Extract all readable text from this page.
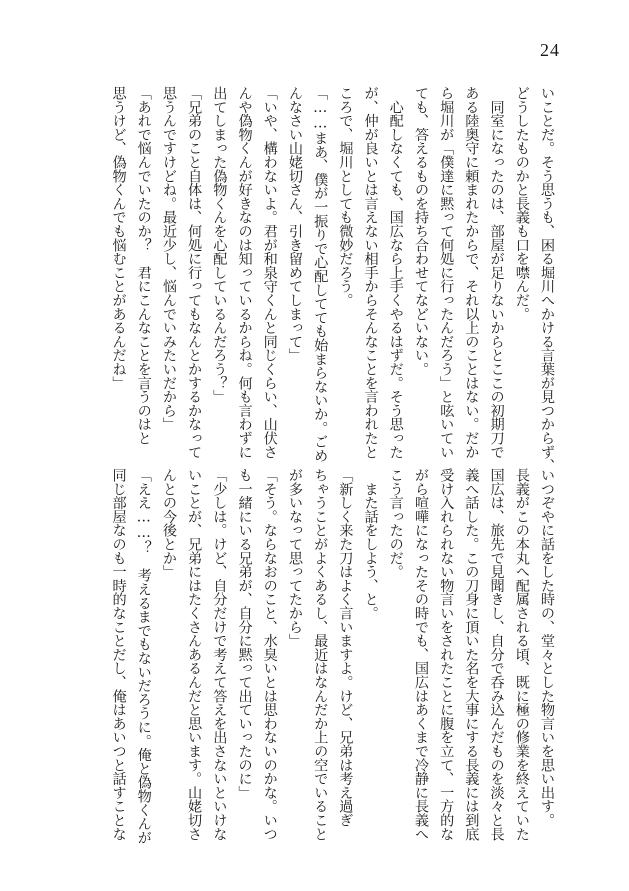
24
いことだ。そう思うも、困る堀川へかける言葉が見つからず、
どうしたものかと長義も口を噤んだ。
　同室になったのは、部屋が足りないからとここの初期刀で
ある陸奥守に頼まれたからで、それ以上のことはない。だか
ら堀川が「僕達に黙って何処に行ったんだろう」と呟いてい
ても、答えるものを持ち合わせてなどいない。
　心配しなくても、国広なら上手くやるはずだ。そう思った
が、仲が良いとは言えない相手からそんなことを言われたと
ころで、堀川としても微妙だろう。
「……まあ、僕が一振りで心配してても始まらないか。ごめ
んなさい山姥切さん、引き留めてしまって」
「いや、構わないよ。君が和泉守くんと同じくらい、山伏さ
んや偽物くんが好きなのは知っているからね。何も言わずに
出てしまった偽物くんを心配しているんだろう？」
「兄弟のこと自体は、何処に行ってもなんとかするかなって
思うんですけどね。最近少し、悩んでいみたいだから」
「あれで悩んでいたのか？　君にこんなことを言うのはと
思うけど、偽物くんでも悩むことがあるんだね」
いつぞやに話をした時の、堂々とした物言いを思い出す。
長義がこの本丸へ配属される頃、既に極の修業を終えていた
国広は、旅先で見聞きし、自分で呑み込んだものを淡々と長
義へ話した。この刀身に頂いた名を大事にする長義には到底
受け入れられない物言いをされたことに腹を立て、一方的な
がら喧嘩になったその時でも、国広はあくまで冷静に長義へ
こう言ったのだ。
　また話をしよう、と。
「新しく来た刀はよく言いますよ。けど、兄弟は考え過ぎ
ちゃうことがよくあるし、最近はなんだか上の空でいること
が多いなって思ってたから」
「そう。ならなおのこと、水臭いとは思わないのかな。いつ
も一緒にいる兄弟が、自分に黙って出ていったのに」
「少しは。けど、自分だけで考えて答えを出さないといけな
いことが、兄弟にはたくさんあるんだと思います。山姥切さ
んとの今後とか」
「ええ……？　考えるまでもないだろうに。俺と偽物くんが
同じ部屋なのも一時的なことだし、俺はあいつと話すことな
